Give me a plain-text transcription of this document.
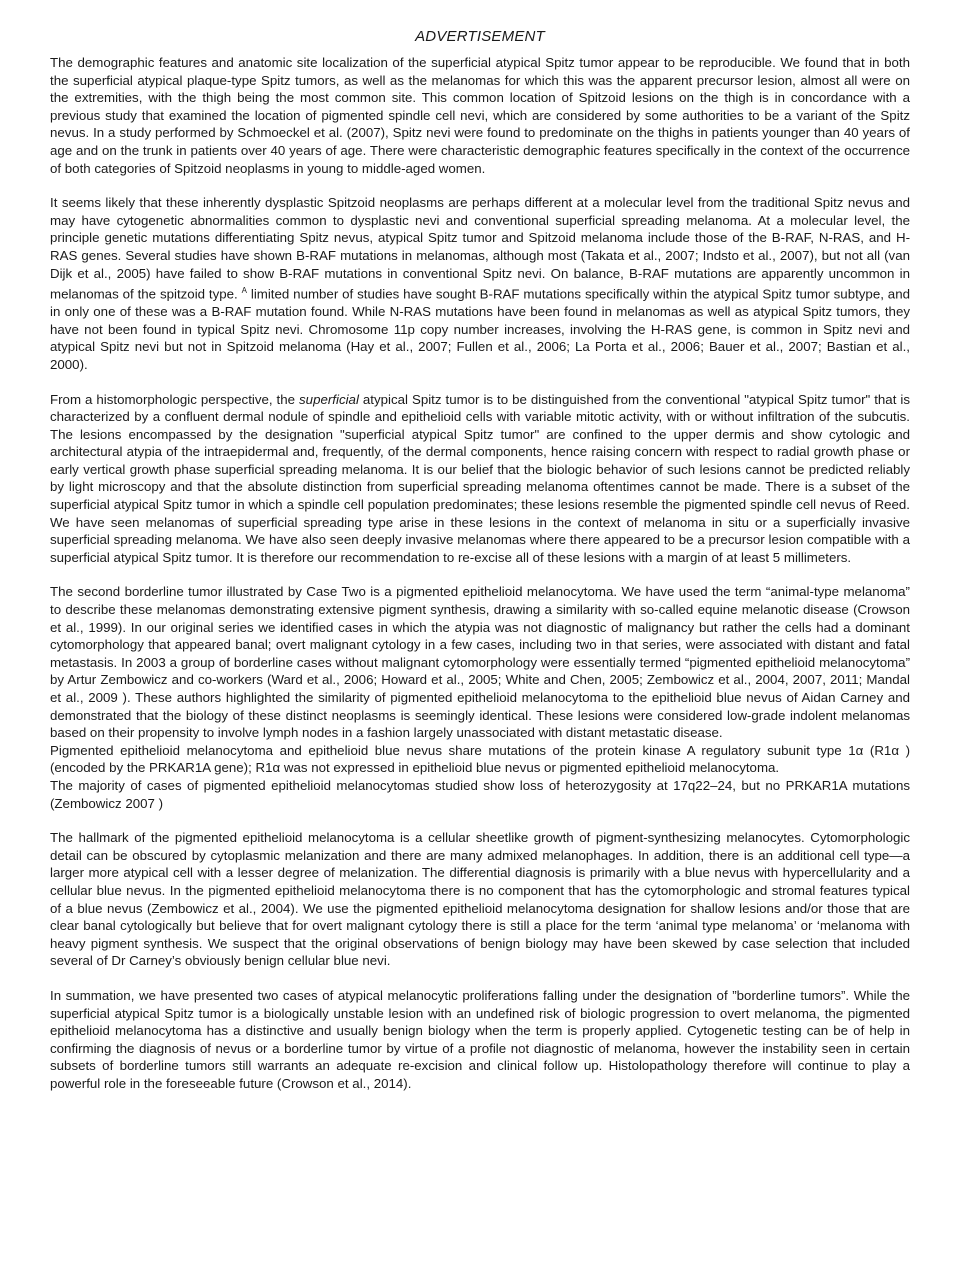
ADVERTISEMENT

The demographic features and anatomic site localization of the superficial atypical Spitz tumor appear to be reproducible. We found that in both the superficial atypical plaque-type Spitz tumors, as well as the melanomas for which this was the apparent precursor lesion, almost all were on the extremities, with the thigh being the most common site. This common location of Spitzoid lesions on the thigh is in concordance with a previous study that examined the location of pigmented spindle cell nevi, which are considered by some authorities to be a variant of the Spitz nevus. In a study performed by Schmoeckel et al. (2007), Spitz nevi were found to predominate on the thighs in patients younger than 40 years of age and on the trunk in patients over 40 years of age. There were characteristic demographic features specifically in the context of the occurrence of both categories of Spitzoid neoplasms in young to middle-aged women.

It seems likely that these inherently dysplastic Spitzoid neoplasms are perhaps different at a molecular level from the traditional Spitz nevus and may have cytogenetic abnormalities common to dysplastic nevi and conventional superficial spreading melanoma. At a molecular level, the principle genetic mutations differentiating Spitz nevus, atypical Spitz tumor and Spitzoid melanoma include those of the B-RAF, N-RAS, and H-RAS genes. Several studies have shown B-RAF mutations in melanomas, although most (Takata et al., 2007; Indsto et al., 2007), but not all (van Dijk et al., 2005) have failed to show B-RAF mutations in conventional Spitz nevi. On balance, B-RAF mutations are apparently uncommon in melanomas of the spitzoid type. $^A$ limited number of studies have sought B-RAF mutations specifically within the atypical Spitz tumor subtype, and in only one of these was a B-RAF mutation found. While N-RAS mutations have been found in melanomas as well as atypical Spitz tumors, they have not been found in typical Spitz nevi. Chromosome 11p copy number increases, involving the H-RAS gene, is common in Spitz nevi and atypical Spitz nevi but not in Spitzoid melanoma (Hay et al., 2007; Fullen et al., 2006; La Porta et al., 2006; Bauer et al., 2007; Bastian et al., 2000).

From a histomorphologic perspective, the superficial atypical Spitz tumor is to be distinguished from the conventional "atypical Spitz tumor" that is characterized by a confluent dermal nodule of spindle and epithelioid cells with variable mitotic activity, with or without infiltration of the subcutis. The lesions encompassed by the designation "superficial atypical Spitz tumor" are confined to the upper dermis and show cytologic and architectural atypia of the intraepidermal and, frequently, of the dermal components, hence raising concern with respect to radial growth phase or early vertical growth phase superficial spreading melanoma. It is our belief that the biologic behavior of such lesions cannot be predicted reliably by light microscopy and that the absolute distinction from superficial spreading melanoma oftentimes cannot be made. There is a subset of the superficial atypical Spitz tumor in which a spindle cell population predominates; these lesions resemble the pigmented spindle cell nevus of Reed. We have seen melanomas of superficial spreading type arise in these lesions in the context of melanoma in situ or a superficially invasive superficial spreading melanoma. We have also seen deeply invasive melanomas where there appeared to be a precursor lesion compatible with a superficial atypical Spitz tumor. It is therefore our recommendation to re-excise all of these lesions with a margin of at least 5 millimeters.

The second borderline tumor illustrated by Case Two is a pigmented epithelioid melanocytoma. We have used the term “animal-type melanoma” to describe these melanomas demonstrating extensive pigment synthesis, drawing a similarity with so-called equine melanotic disease (Crowson et al., 1999). In our original series we identified cases in which the atypia was not diagnostic of malignancy but rather the cells had a dominant cytomorphology that appeared banal; overt malignant cytology in a few cases, including two in that series, were associated with distant and fatal metastasis. In 2003 a group of borderline cases without malignant cytomorphology were essentially termed “pigmented epithelioid melanocytoma” by Artur Zembowicz and co-workers (Ward et al., 2006; Howard et al., 2005; White and Chen, 2005; Zembowicz et al., 2004, 2007, 2011; Mandal et al., 2009 ). These authors highlighted the similarity of pigmented epithelioid melanocytoma to the epithelioid blue nevus of Aidan Carney and demonstrated that the biology of these distinct neoplasms is seemingly identical. These lesions were considered low-grade indolent melanomas based on their propensity to involve lymph nodes in a fashion largely unassociated with distant metastatic disease.
Pigmented epithelioid melanocytoma and epithelioid blue nevus share mutations of the protein kinase A regulatory subunit type 1α (R1α ) (encoded by the PRKAR1A gene); R1α was not expressed in epithelioid blue nevus or pigmented epithelioid melanocytoma.
The majority of cases of pigmented epithelioid melanocytomas studied show loss of heterozygosity at 17q22–24, but no PRKAR1A mutations (Zembowicz 2007 )

The hallmark of the pigmented epithelioid melanocytoma is a cellular sheetlike growth of pigment-synthesizing melanocytes. Cytomorphologic detail can be obscured by cytoplasmic melanization and there are many admixed melanophages. In addition, there is an additional cell type—a larger more atypical cell with a lesser degree of melanization. The differential diagnosis is primarily with a blue nevus with hypercellularity and a cellular blue nevus. In the pigmented epithelioid melanocytoma there is no component that has the cytomorphologic and stromal features typical of a blue nevus (Zembowicz et al., 2004). We use the pigmented epithelioid melanocytoma designation for shallow lesions and/or those that are clear banal cytologically but believe that for overt malignant cytology there is still a place for the term ‘animal type melanoma’ or ‘melanoma with heavy pigment synthesis. We suspect that the original observations of benign biology may have been skewed by case selection that included several of Dr Carney’s obviously benign cellular blue nevi.

In summation, we have presented two cases of atypical melanocytic proliferations falling under the designation of ”borderline tumors”. While the superficial atypical Spitz tumor is a biologically unstable lesion with an undefined risk of biologic progression to overt melanoma, the pigmented epithelioid melanocytoma has a distinctive and usually benign biology when the term is properly applied. Cytogenetic testing can be of help in confirming the diagnosis of nevus or a borderline tumor by virtue of a profile not diagnostic of melanoma, however the instability seen in certain subsets of borderline tumors still warrants an adequate re-excision and clinical follow up. Histolopathology therefore will continue to play a powerful role in the foreseeable future (Crowson et al., 2014).
